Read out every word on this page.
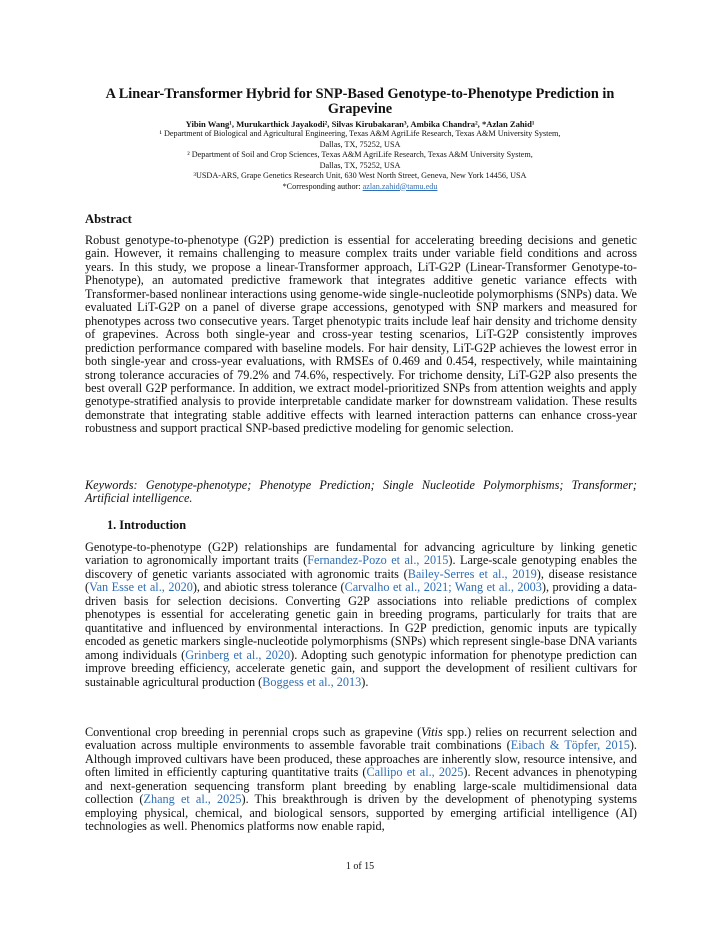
A Linear-Transformer Hybrid for SNP-Based Genotype-to-Phenotype Prediction in
Grapevine
Yibin Wang¹, Murukarthick Jayakodi², Silvas Kirubakaran³, Ambika Chandra², *Azlan Zahid¹
¹ Department of Biological and Agricultural Engineering, Texas A&M AgriLife Research, Texas A&M University System,
Dallas, TX, 75252, USA
² Department of Soil and Crop Sciences, Texas A&M AgriLife Research, Texas A&M University System,
Dallas, TX, 75252, USA
³USDA-ARS, Grape Genetics Research Unit, 630 West North Street, Geneva, New York 14456, USA
*Corresponding author: azlan.zahid@tamu.edu
Abstract
Robust genotype-to-phenotype (G2P) prediction is essential for accelerating breeding decisions and genetic gain. However, it remains challenging to measure complex traits under variable field conditions and across years. In this study, we propose a linear-Transformer approach, LiT-G2P (Linear-Transformer Genotype-to-Phenotype), an automated predictive framework that integrates additive genetic variance effects with Transformer-based nonlinear interactions using genome-wide single-nucleotide polymorphisms (SNPs) data. We evaluated LiT-G2P on a panel of diverse grape accessions, genotyped with SNP markers and measured for phenotypes across two consecutive years. Target phenotypic traits include leaf hair density and trichome density of grapevines. Across both single-year and cross-year testing scenarios, LiT-G2P consistently improves prediction performance compared with baseline models. For hair density, LiT-G2P achieves the lowest error in both single-year and cross-year evaluations, with RMSEs of 0.469 and 0.454, respectively, while maintaining strong tolerance accuracies of 79.2% and 74.6%, respectively. For trichome density, LiT-G2P also presents the best overall G2P performance. In addition, we extract model-prioritized SNPs from attention weights and apply genotype-stratified analysis to provide interpretable candidate marker for downstream validation. These results demonstrate that integrating stable additive effects with learned interaction patterns can enhance cross-year robustness and support practical SNP-based predictive modeling for genomic selection.
Keywords: Genotype-phenotype; Phenotype Prediction; Single Nucleotide Polymorphisms; Transformer; Artificial intelligence.
1. Introduction
Genotype-to-phenotype (G2P) relationships are fundamental for advancing agriculture by linking genetic variation to agronomically important traits (Fernandez-Pozo et al., 2015). Large-scale genotyping enables the discovery of genetic variants associated with agronomic traits (Bailey-Serres et al., 2019), disease resistance (Van Esse et al., 2020), and abiotic stress tolerance (Carvalho et al., 2021; Wang et al., 2003), providing a data-driven basis for selection decisions. Converting G2P associations into reliable predictions of complex phenotypes is essential for accelerating genetic gain in breeding programs, particularly for traits that are quantitative and influenced by environmental interactions. In G2P prediction, genomic inputs are typically encoded as genetic markers single-nucleotide polymorphisms (SNPs) which represent single-base DNA variants among individuals (Grinberg et al., 2020). Adopting such genotypic information for phenotype prediction can improve breeding efficiency, accelerate genetic gain, and support the development of resilient cultivars for sustainable agricultural production (Boggess et al., 2013).
Conventional crop breeding in perennial crops such as grapevine (Vitis spp.) relies on recurrent selection and evaluation across multiple environments to assemble favorable trait combinations (Eibach & Töpfer, 2015). Although improved cultivars have been produced, these approaches are inherently slow, resource intensive, and often limited in efficiently capturing quantitative traits (Callipo et al., 2025). Recent advances in phenotyping and next-generation sequencing transform plant breeding by enabling large-scale multidimensional data collection (Zhang et al., 2025). This breakthrough is driven by the development of phenotyping systems employing physical, chemical, and biological sensors, supported by emerging artificial intelligence (AI) technologies as well. Phenomics platforms now enable rapid,
1 of 15
